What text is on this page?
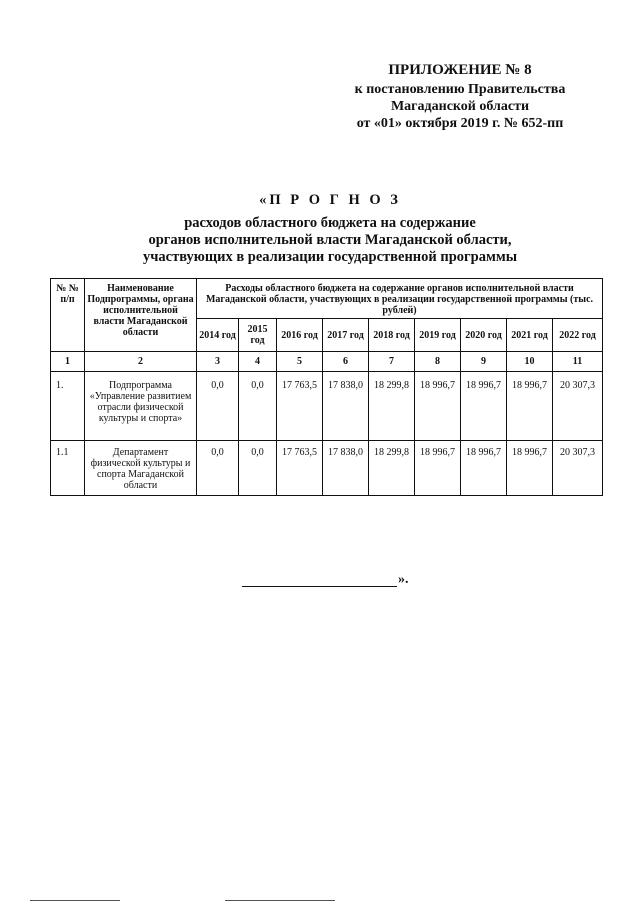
ПРИЛОЖЕНИЕ № 8
к постановлению Правительства
Магаданской области
от «01» октября 2019 г. № 652-пп
«П Р О Г Н О З
расходов областного бюджета на содержание
органов исполнительной власти Магаданской области,
участвующих в реализации государственной программы
№ № п/п	Наименование Подпрограммы, органа исполнительной власти Магаданской области	Расходы областного бюджета на содержание органов исполнительной власти Магаданской области, участвующих в реализации государственной программы (тыс. рублей)								
		2014 год	2015 год	2016 год	2017 год	2018 год	2019 год	2020 год	2021 год	2022 год
1	2	3	4	5	6	7	8	9	10	11
1.	Подпрограмма «Управление развитием отрасли физической культуры и спорта»	0,0	0,0	17 763,5	17 838,0	18 299,8	18 996,7	18 996,7	18 996,7	20 307,3
1.1	Департамент физической культуры и спорта Магаданской области	0,0	0,0	17 763,5	17 838,0	18 299,8	18 996,7	18 996,7	18 996,7	20 307,3
».
